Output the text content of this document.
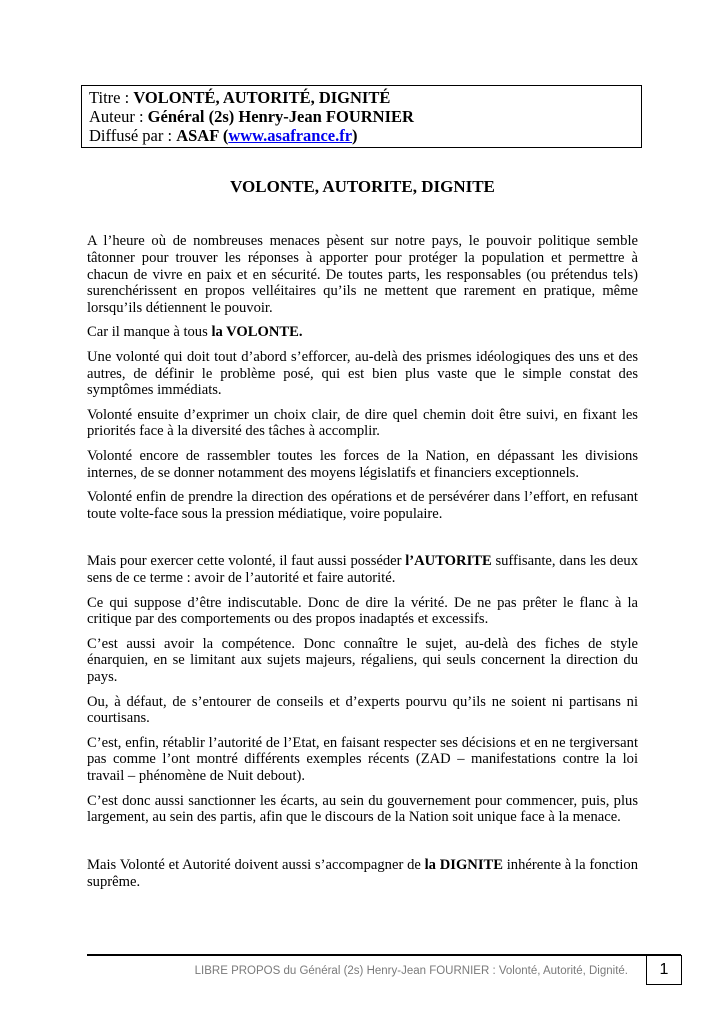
Titre : VOLONTÉ, AUTORITÉ, DIGNITÉ
Auteur : Général (2s) Henry-Jean FOURNIER
Diffusé par : ASAF (www.asafrance.fr)
VOLONTE, AUTORITE, DIGNITE

A l’heure où de nombreuses menaces pèsent sur notre pays, le pouvoir politique semble tâtonner pour trouver les réponses à apporter pour protéger la population et permettre à chacun de vivre en paix et en sécurité. De toutes parts, les responsables (ou prétendus tels) surenchérissent en propos velléitaires qu’ils ne mettent que rarement en pratique, même lorsqu’ils détiennent le pouvoir.

Car il manque à tous la VOLONTE.

Une volonté qui doit tout d’abord s’efforcer, au-delà des prismes idéologiques des uns et des autres, de définir le problème posé, qui est bien plus vaste que le simple constat des symptômes immédiats.

Volonté ensuite d’exprimer un choix clair, de dire quel chemin doit être suivi, en fixant les priorités face à la diversité des tâches à accomplir.

Volonté encore de rassembler toutes les forces de la Nation, en dépassant les divisions internes, de se donner notamment des moyens législatifs et financiers exceptionnels.

Volonté enfin de prendre la direction des opérations et de persévérer dans l’effort, en refusant toute volte-face sous la pression médiatique, voire populaire.

Mais pour exercer cette volonté, il faut aussi posséder l’AUTORITE suffisante, dans les deux sens de ce terme : avoir de l’autorité et faire autorité.

Ce qui suppose d’être indiscutable. Donc de dire la vérité. De ne pas prêter le flanc à la critique par des comportements ou des propos inadaptés et excessifs.

C’est aussi avoir la compétence. Donc connaître le sujet, au-delà des fiches de style énarquien, en se limitant aux sujets majeurs, régaliens, qui seuls concernent la direction du pays.

Ou, à défaut, de s’entourer de conseils et d’experts pourvu qu’ils ne soient ni partisans ni courtisans.

C’est, enfin, rétablir l’autorité de l’Etat, en faisant respecter ses décisions et en ne tergiversant pas comme l’ont montré différents exemples récents (ZAD – manifestations contre la loi travail – phénomène de Nuit debout).

C’est donc aussi sanctionner les écarts, au sein du gouvernement pour commencer, puis, plus largement, au sein des partis, afin que le discours de la Nation soit unique face à la menace.

Mais Volonté et Autorité doivent aussi s’accompagner de la DIGNITE inhérente à la fonction suprême.

LIBRE PROPOS du Général (2s) Henry-Jean FOURNIER : Volonté, Autorité, Dignité.	1
